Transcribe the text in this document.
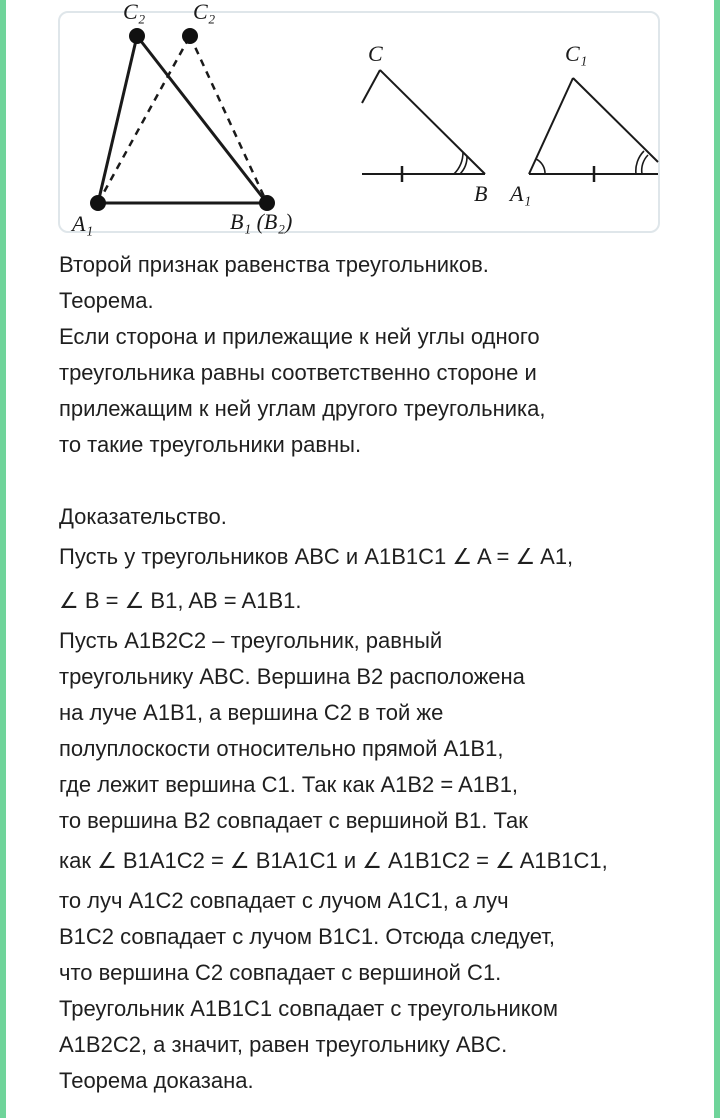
C₂ C₂
A₁	B₁ (B₂)
C
B A₁
C₁

Второй признак равенства треугольников.

Теорема.

Если сторона и прилежащие к ней углы одного

треугольника равны соответственно стороне и

прилежащим к ней углам другого треугольника,

то такие треугольники равны.

Доказательство.

Пусть у треугольников ABC и A1B1C1 ∠ A = ∠ A1,

∠ B = ∠ B1, AB = A1B1.

Пусть A1B2C2 – треугольник, равный

треугольнику ABC. Вершина B2 расположена

на луче A1B1, а вершина C2 в той же

полуплоскости относительно прямой A1B1,

где лежит вершина C1. Так как A1B2 = A1B1,

то вершина B2 совпадает с вершиной B1. Так

как ∠ B1A1C2 = ∠ B1A1C1 и ∠ A1B1C2 = ∠ A1B1C1,

то луч A1C2 совпадает с лучом A1C1, а луч

B1C2 совпадает с лучом B1C1. Отсюда следует,

что вершина C2 совпадает с вершиной C1.

Треугольник A1B1C1 совпадает с треугольником

A1B2C2, а значит, равен треугольнику ABC.

Теорема доказана.
